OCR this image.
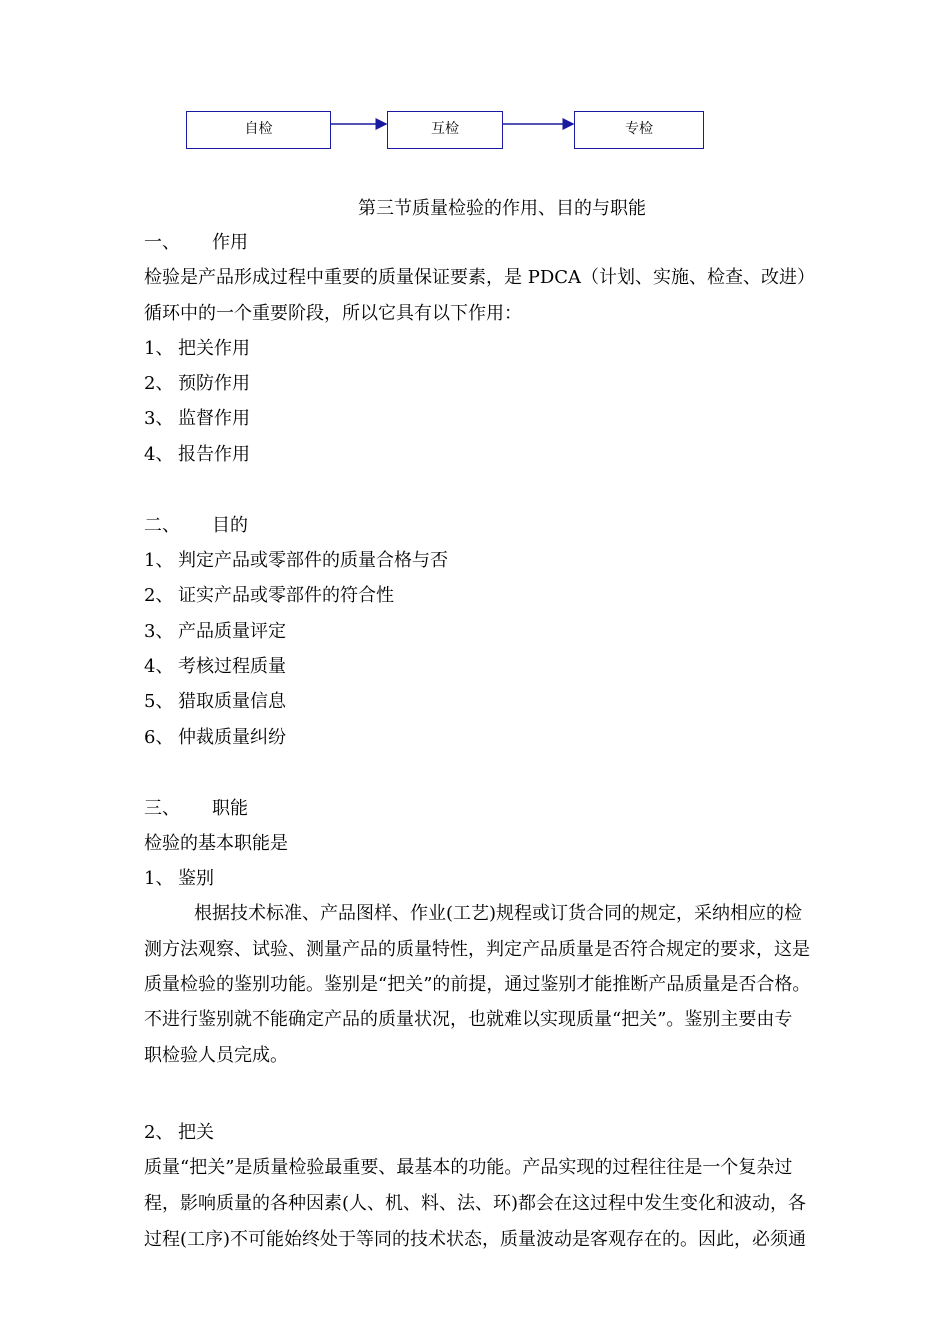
自检	互检	专检
第三节质量检验的作用、目的与职能
一、 作用
检验是产品形成过程中重要的质量保证要素，是 PDCA（计划、实施、检查、改进）
循环中的一个重要阶段，所以它具有以下作用：
1、 把关作用
2、 预防作用
3、 监督作用
4、 报告作用
二、 目的
1、 判定产品或零部件的质量合格与否
2、 证实产品或零部件的符合性
3、 产品质量评定
4、 考核过程质量
5、 猎取质量信息
6、 仲裁质量纠纷
三、 职能
检验的基本职能是
1、 鉴别
根据技术标准、产品图样、作业(工艺)规程或订货合同的规定，采纳相应的检
测方法观察、试验、测量产品的质量特性，判定产品质量是否符合规定的要求，这是
质量检验的鉴别功能。鉴别是“把关”的前提，通过鉴别才能推断产品质量是否合格。
不进行鉴别就不能确定产品的质量状况，也就难以实现质量“把关”。鉴别主要由专
职检验人员完成。
2、 把关
质量“把关”是质量检验最重要、最基本的功能。产品实现的过程往往是一个复杂过
程，影响质量的各种因素(人、机、料、法、环)都会在这过程中发生变化和波动，各
过程(工序)不可能始终处于等同的技术状态，质量波动是客观存在的。因此，必须通
